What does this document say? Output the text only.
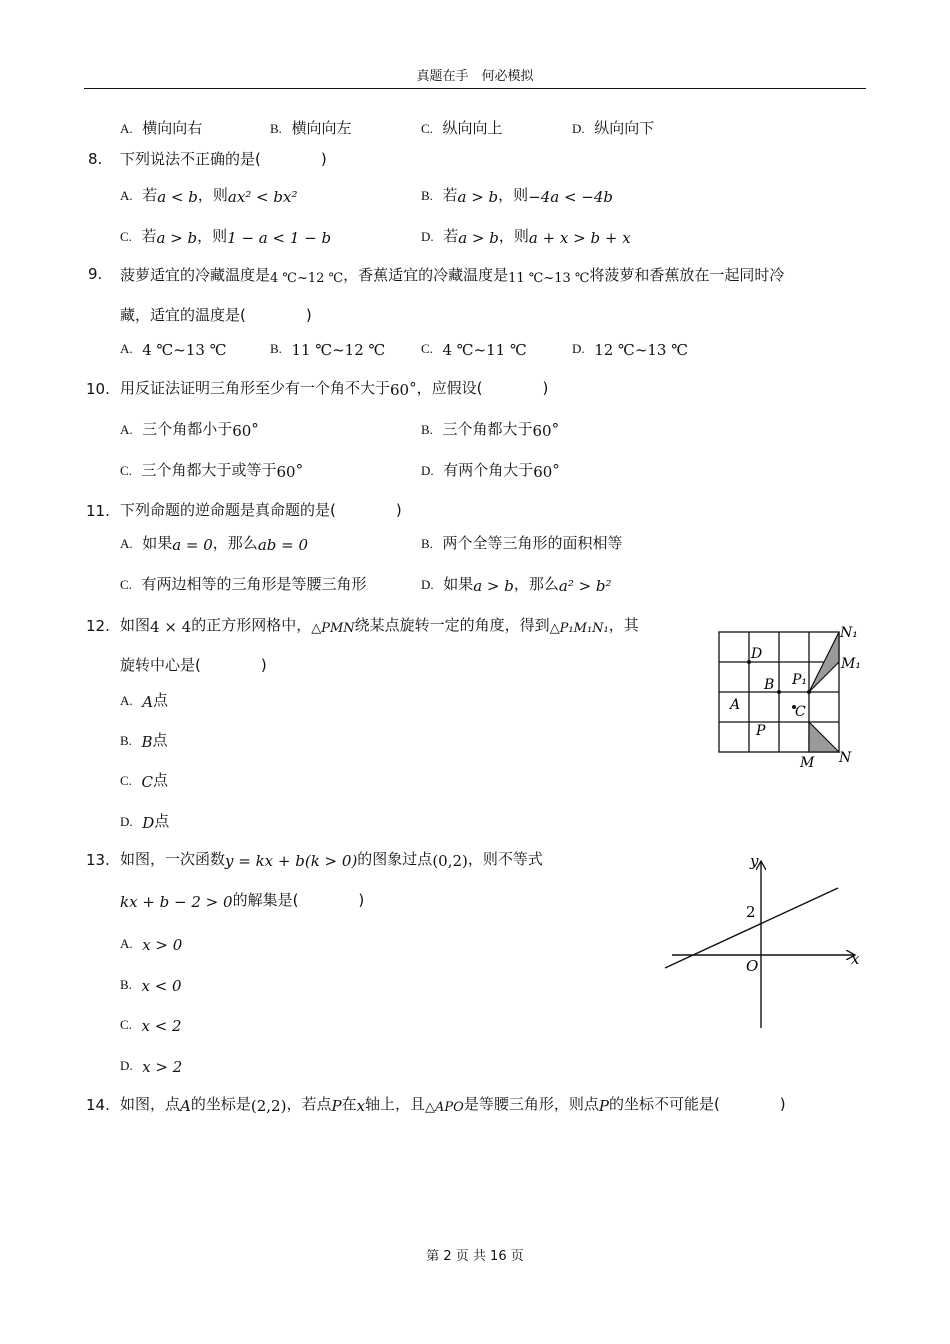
真题在手　何必模拟
A. 横向向右	B. 横向向左	C. 纵向向上	D. 纵向向下
8. 下列说法不正确的是(　　　　)
A. 若a < b，则ax² < bx²	B. 若a > b，则−4a < −4b
C. 若a > b，则1 − a < 1 − b	D. 若a > b，则a + x > b + x
9. 菠萝适宜的冷藏温度是4 ℃~12 ℃，香蕉适宜的冷藏温度是11 ℃~13 ℃将菠萝和香蕉放在一起同时冷
藏，适宜的温度是(　　　　)
A. 4 ℃~13 ℃	B. 11 ℃~12 ℃	C. 4 ℃~11 ℃	D. 12 ℃~13 ℃
10. 用反证法证明三角形至少有一个角不大于60°，应假设(　　　　)
A. 三个角都小于60°	B. 三个角都大于60°
C. 三个角都大于或等于60°	D. 有两个角大于60°
11. 下列命题的逆命题是真命题的是(　　　　)
A. 如果a = 0，那么ab = 0	B. 两个全等三角形的面积相等
C. 有两边相等的三角形是等腰三角形	D. 如果a > b，那么a² > b²
12. 如图4 × 4的正方形网格中，△PMN绕某点旋转一定的角度，得到△P₁M₁N₁，其
旋转中心是(　　　　)
A. A点
B. B点
C. C点
D. D点
D
B P₁
C
A
P
M N
N₁
M₁
13. 如图，一次函数y = kx + b(k > 0)的图象过点(0,2)，则不等式
kx + b − 2 > 0的解集是(　　　　)
A. x > 0
B. x < 0
C. x < 2
D. x > 2
y
x
2
O
14. 如图，点A的坐标是(2,2)，若点P在x轴上，且△APO是等腰三角形，则点P的坐标不可能是(　　　　)
第 2 页 共 16 页
